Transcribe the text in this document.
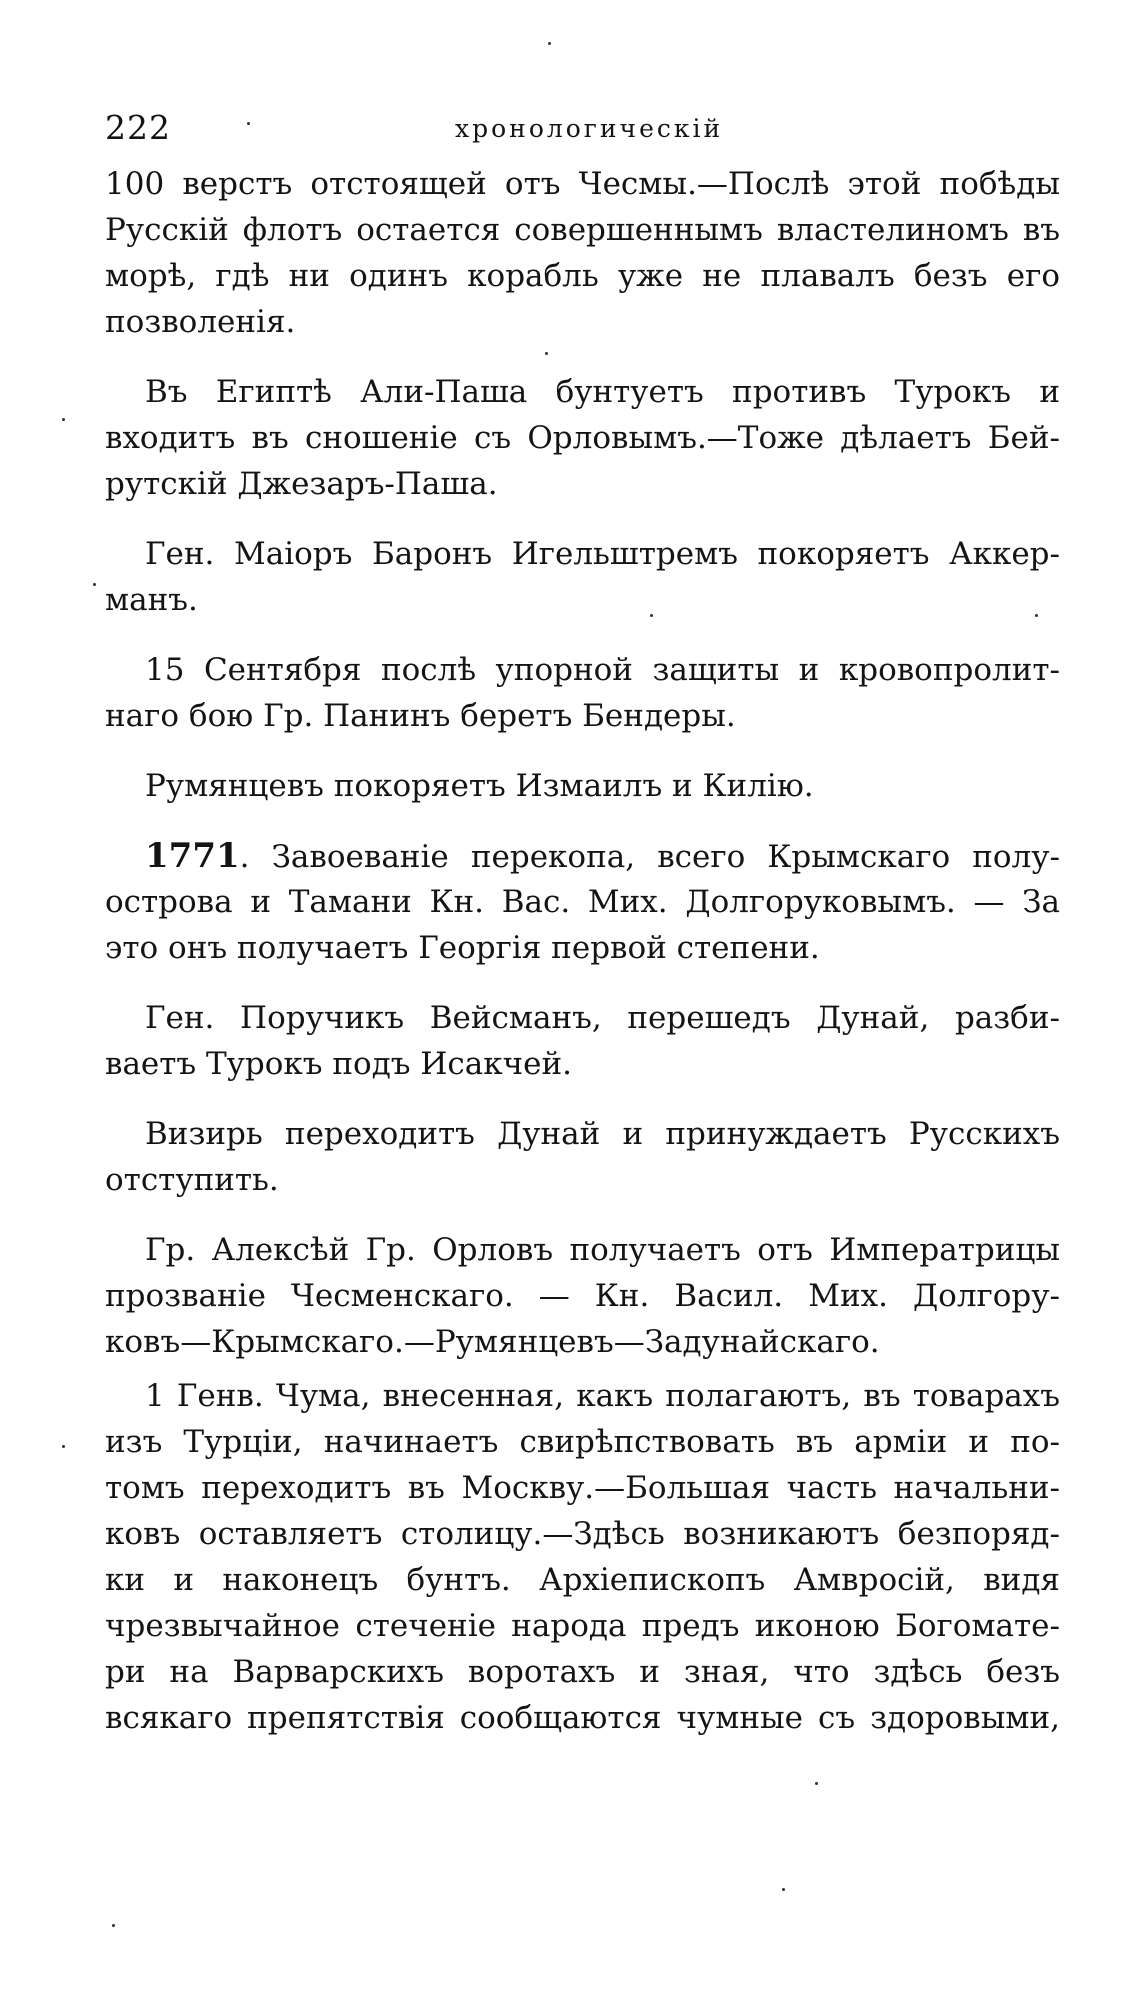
222	хронологическій
100 верстъ отстоящей отъ Чесмы.—Послѣ этой побѣды
Русскій флотъ остается совершеннымъ властелиномъ въ
морѣ, гдѣ ни одинъ корабль уже не плавалъ безъ его
позволенія.
Въ Египтѣ Али-Паша бунтуетъ противъ Турокъ и
входитъ въ сношеніе съ Орловымъ.—Тоже дѣлаетъ Бей-
рутскій Джезаръ-Паша.
Ген. Маіоръ Баронъ Игельштремъ покоряетъ Аккер-
манъ.
15 Сентября послѣ упорной защиты и кровопролит-
наго бою Гр. Панинъ беретъ Бендеры.
Румянцевъ покоряетъ Измаилъ и Килію.
1771 . Завоеваніе перекопа, всего Крымскаго полу-
острова и Тамани Кн. Вас. Мих. Долгоруковымъ. — За
это онъ получаетъ Георгія первой степени.
Ген. Поручикъ Вейсманъ, перешедъ Дунай, разби-
ваетъ Турокъ подъ Исакчей.
Визирь переходитъ Дунай и принуждаетъ Русскихъ
отступить.
Гр. Алексѣй Гр. Орловъ получаетъ отъ Императрицы
прозваніе Чесменскаго. — Кн. Васил. Мих. Долгору-
ковъ—Крымскаго.—Румянцевъ—Задунайскаго.
1 Генв. Чума, внесенная, какъ полагаютъ, въ товарахъ
изъ Турціи, начинаетъ свирѣпствовать въ арміи и по-
томъ переходитъ въ Москву.—Большая часть начальни-
ковъ оставляетъ столицу.—Здѣсь возникаютъ безпоряд-
ки и наконецъ бунтъ. Архіепископъ Амвросій, видя
чрезвычайное стеченіе народа предъ иконою Богомате-
ри на Варварскихъ воротахъ и зная, что здѣсь безъ
всякаго препятствія сообщаются чумные съ здоровыми,
